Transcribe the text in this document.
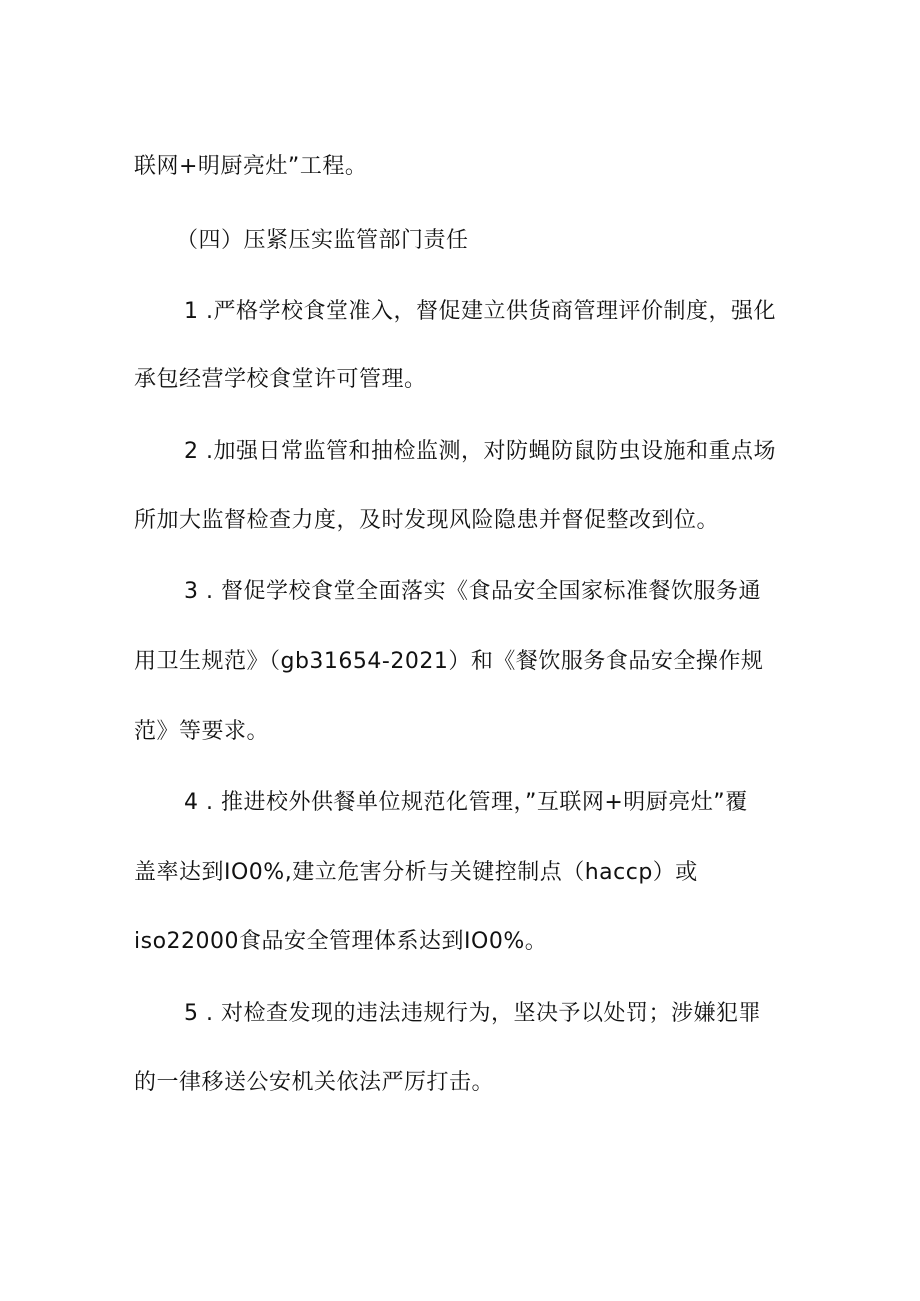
联网+明厨亮灶”工程。
（四）压紧压实监管部门责任
1 .严格学校食堂准入，督促建立供货商管理评价制度，强化
承包经营学校食堂许可管理。
2 .加强日常监管和抽检监测，对防蝇防鼠防虫设施和重点场
所加大监督检查力度，及时发现风险隐患并督促整改到位。
3 . 督促学校食堂全面落实《食品安全国家标准餐饮服务通
用卫生规范》（gb31654-2021）和《餐饮服务食品安全操作规
范》等要求。
4 . 推进校外供餐单位规范化管理，”互联网+明厨亮灶”覆
盖率达到IO0%,建立危害分析与关键控制点（haccp）或
iso22000食品安全管理体系达到IO0%。
5 . 对检查发现的违法违规行为，坚决予以处罚；涉嫌犯罪
的一律移送公安机关依法严厉打击。
